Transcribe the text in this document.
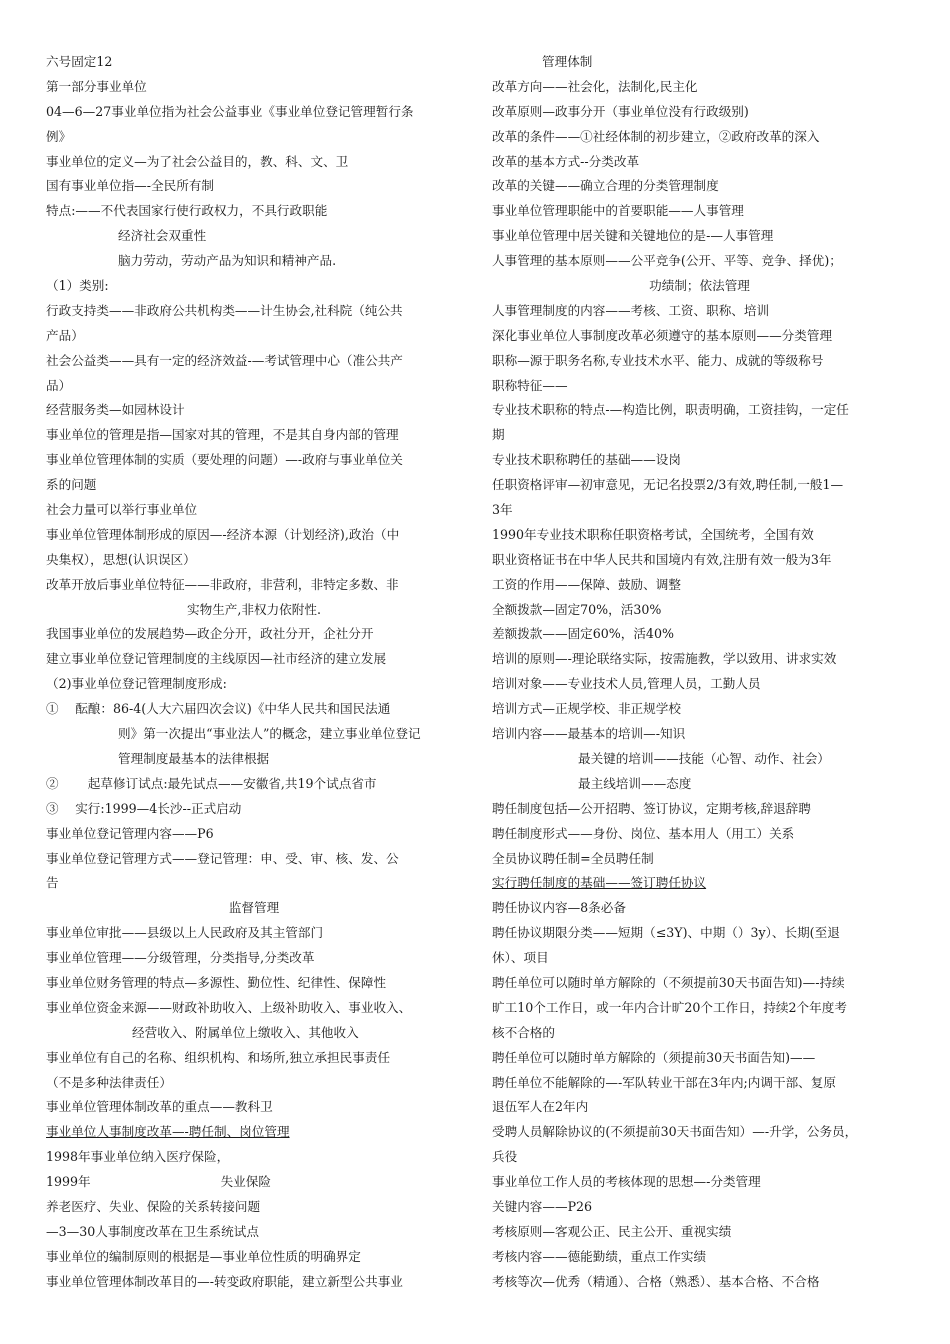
六号固定12
第一部分事业单位
04—6—27事业单位指为社会公益事业《事业单位登记管理暂行条
例》
事业单位的定义—为了社会公益目的，教、科、文、卫
国有事业单位指—-全民所有制
特点:——不代表国家行使行政权力，不具行政职能
经济社会双重性
脑力劳动，劳动产品为知识和精神产品.
（1）类别:
行政支持类——非政府公共机构类——计生协会,社科院（纯公共
产品）
社会公益类——具有一定的经济效益-—考试管理中心（准公共产
品）
经营服务类—如园林设计
事业单位的管理是指—国家对其的管理，不是其自身内部的管理
事业单位管理体制的实质（要处理的问题）—-政府与事业单位关
系的问题
社会力量可以举行事业单位
事业单位管理体制形成的原因—-经济本源（计划经济),政治（中
央集权），思想(认识误区）
改革开放后事业单位特征——非政府，非营利，非特定多数、非
实物生产,非权力依附性.
我国事业单位的发展趋势—政企分开，政社分开，企社分开
建立事业单位登记管理制度的主线原因—社市经济的建立发展
（2)事业单位登记管理制度形成:
①　 酝酿：86-4(人大六届四次会议)《中华人民共和国民法通
则》第一次提出“事业法人”的概念，建立事业单位登记
管理制度最基本的法律根据
②　　 起草修订试点:最先试点——安徽省,共19个试点省市
③　 实行:1999—4长沙--正式启动
事业单位登记管理内容——P6
事业单位登记管理方式——登记管理：申、受、审、核、发、公
告
监督管理
事业单位审批——县级以上人民政府及其主管部门
事业单位管理——分级管理，分类指导,分类改革
事业单位财务管理的特点—多源性、勤位性、纪律性、保障性
事业单位资金来源——财政补助收入、上级补助收入、事业收入、
经营收入、附属单位上缴收入、其他收入
事业单位有自己的名称、组织机构、和场所,独立承担民事责任
（不是多种法律责任）
事业单位管理体制改革的重点——教科卫
事业单位人事制度改革—-聘任制、岗位管理
1998年事业单位纳入医疗保险，
1999年　　　　　　　　　　 失业保险
养老医疗、失业、保险的关系转接问题
—3—30人事制度改革在卫生系统试点
事业单位的编制原则的根据是—事业单位性质的明确界定
事业单位管理体制改革目的—-转变政府职能，建立新型公共事业
管理体制
改革方向——社会化，法制化,民主化
改革原则—政事分开（事业单位没有行政级别)
改革的条件——①社经体制的初步建立，②政府改革的深入
改革的基本方式--分类改革
改革的关键——确立合理的分类管理制度
事业单位管理职能中的首要职能——人事管理
事业单位管理中居关键和关键地位的是-—人事管理
人事管理的基本原则——公平竞争(公开、平等、竞争、择优)；
功绩制；依法管理
人事管理制度的内容——考核、工资、职称、培训
深化事业单位人事制度改革必须遵守的基本原则——分类管理
职称—源于职务名称,专业技术水平、能力、成就的等级称号
职称特征——
专业技术职称的特点-—构造比例，职责明确，工资挂钩，一定任
期
专业技术职称聘任的基础——设岗
任职资格评审—初审意见，无记名投票2/3有效,聘任制,一般1—
3年
1990年专业技术职称任职资格考试，全国统考，全国有效
职业资格证书在中华人民共和国境内有效,注册有效一般为3年
工资的作用——保障、鼓励、调整
全额拨款—固定70%，活30%
差额拨款——固定60%，活40%
培训的原则—-理论联络实际，按需施教，学以致用、讲求实效
培训对象——专业技术人员,管理人员，工勤人员
培训方式—正规学校、非正规学校
培训内容——最基本的培训—-知识
最关键的培训——技能（心智、动作、社会）
最主线培训——态度
聘任制度包括—公开招聘、签订协议，定期考核,辞退辞聘
聘任制度形式——身份、岗位、基本用人（用工）关系
全员协议聘任制=全员聘任制
实行聘任制度的基础——签订聘任协议
聘任协议内容—8条必备
聘任协议期限分类——短期（≤3Y)、中期（）3y）、长期(至退
休）、项目
聘任单位可以随时单方解除的（不须提前30天书面告知)—-持续
旷工10个工作日，或一年内合计旷20个工作日，持续2个年度考
核不合格的
聘任单位可以随时单方解除的（须提前30天书面告知)——
聘任单位不能解除的—-军队转业干部在3年内;内调干部、复原
退伍军人在2年内
受聘人员解除协议的(不须提前30天书面告知）—-升学，公务员，
兵役
事业单位工作人员的考核体现的思想—-分类管理
关键内容——P26
考核原则—客观公正、民主公开、重视实绩
考核内容——德能勤绩，重点工作实绩
考核等次—优秀（精通）、合格（熟悉）、基本合格、不合格
